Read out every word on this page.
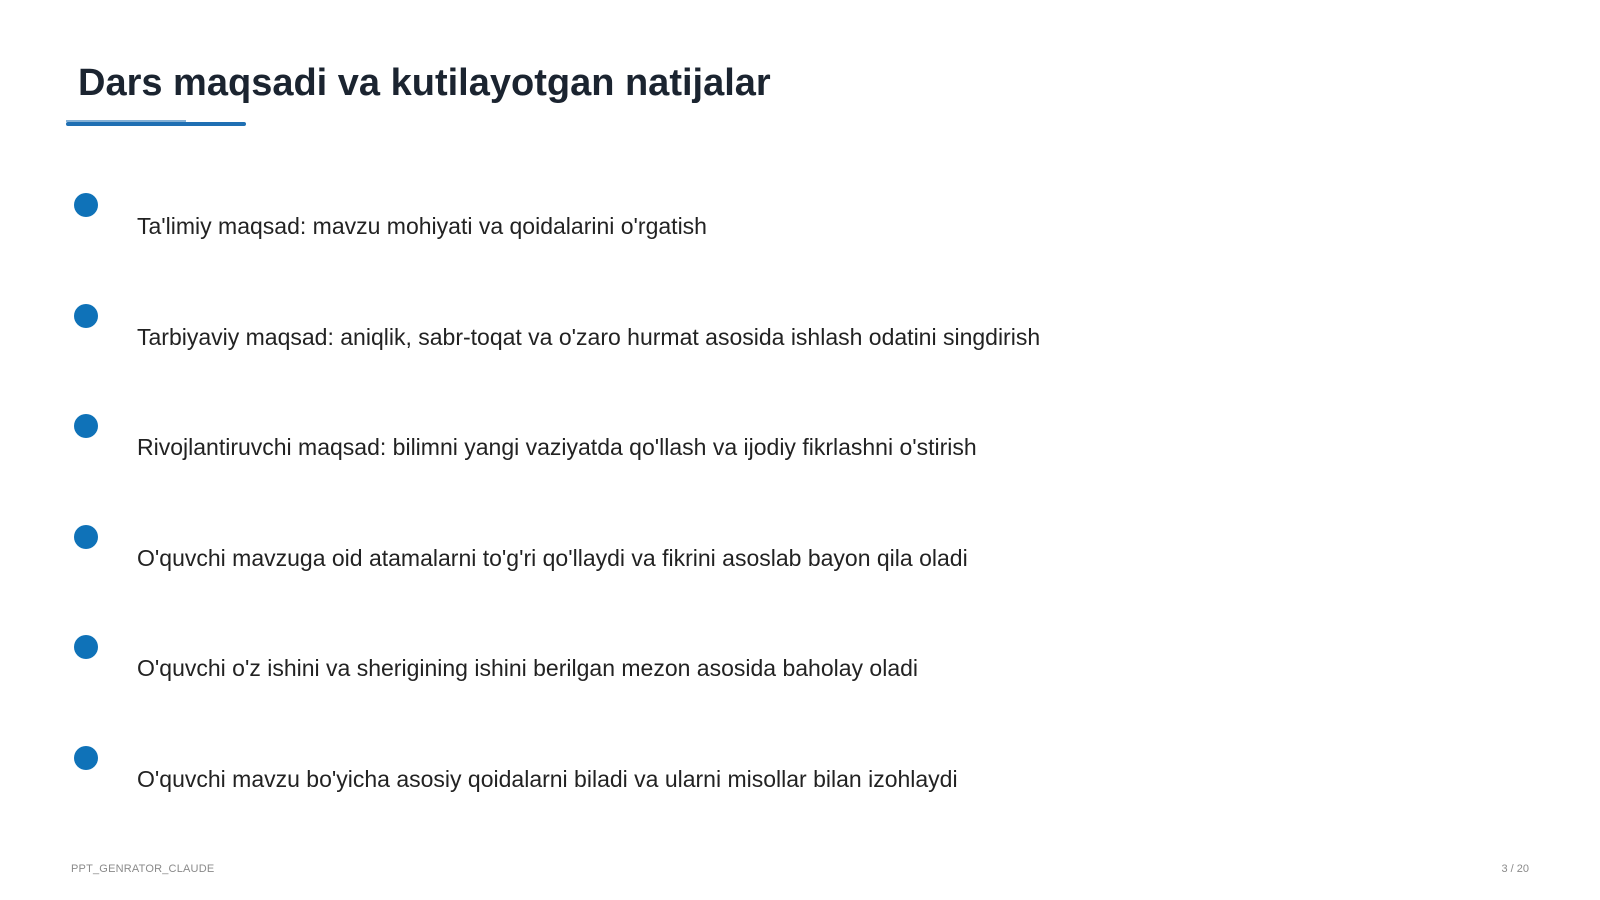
Dars maqsadi va kutilayotgan natijalar
Ta'limiy maqsad: mavzu mohiyati va qoidalarini o'rgatish
Tarbiyaviy maqsad: aniqlik, sabr-toqat va o'zaro hurmat asosida ishlash odatini singdirish
Rivojlantiruvchi maqsad: bilimni yangi vaziyatda qo'llash va ijodiy fikrlashni o'stirish
O'quvchi mavzuga oid atamalarni to'g'ri qo'llaydi va fikrini asoslab bayon qila oladi
O'quvchi o'z ishini va sherigining ishini berilgan mezon asosida baholay oladi
O'quvchi mavzu bo'yicha asosiy qoidalarni biladi va ularni misollar bilan izohlaydi
PPT_GENRATOR_CLAUDE	3 / 20
